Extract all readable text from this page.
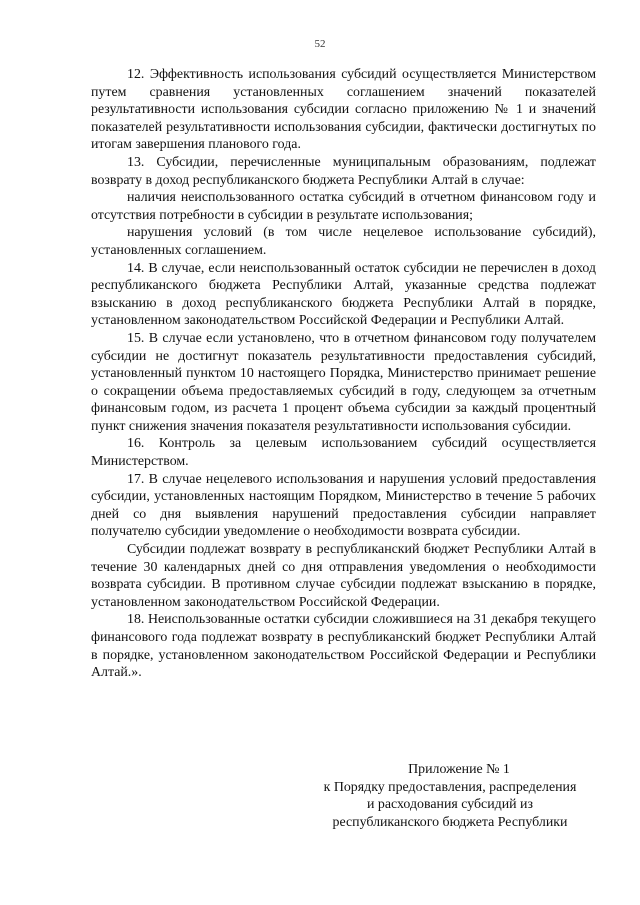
52

12. Эффективность использования субсидий осуществляется Министерством путем сравнения установленных соглашением значений показателей результативности использования субсидии согласно приложению № 1 и значений показателей результативности использования субсидии, фактически достигнутых по итогам завершения планового года.

13. Субсидии, перечисленные муниципальным образованиям, подлежат возврату в доход республиканского бюджета Республики Алтай в случае:

наличия неиспользованного остатка субсидий в отчетном финансовом году и отсутствия потребности в субсидии в результате использования;

нарушения условий (в том числе нецелевое использование субсидий), установленных соглашением.

14. В случае, если неиспользованный остаток субсидии не перечислен в доход республиканского бюджета Республики Алтай, указанные средства подлежат взысканию в доход республиканского бюджета Республики Алтай в порядке, установленном законодательством Российской Федерации и Республики Алтай.

15. В случае если установлено, что в отчетном финансовом году получателем субсидии не достигнут показатель результативности предоставления субсидий, установленный пунктом 10 настоящего Порядка, Министерство принимает решение о сокращении объема предоставляемых субсидий в году, следующем за отчетным финансовым годом, из расчета 1 процент объема субсидии за каждый процентный пункт снижения значения показателя результативности использования субсидии.

16. Контроль за целевым использованием субсидий осуществляется Министерством.

17. В случае нецелевого использования и нарушения условий предоставления субсидии, установленных настоящим Порядком, Министерство в течение 5 рабочих дней со дня выявления нарушений предоставления субсидии направляет получателю субсидии уведомление о необходимости возврата субсидии.

Субсидии подлежат возврату в республиканский бюджет Республики Алтай в течение 30 календарных дней со дня отправления уведомления о необходимости возврата субсидии. В противном случае субсидии подлежат взысканию в порядке, установленном законодательством Российской Федерации.

18. Неиспользованные остатки субсидии сложившиеся на 31 декабря текущего финансового года подлежат возврату в республиканский бюджет Республики Алтай в порядке, установленном законодательством Российской Федерации и Республики Алтай.».

Приложение № 1
к Порядку предоставления, распределения
и расходования субсидий из
республиканского бюджета Республики
